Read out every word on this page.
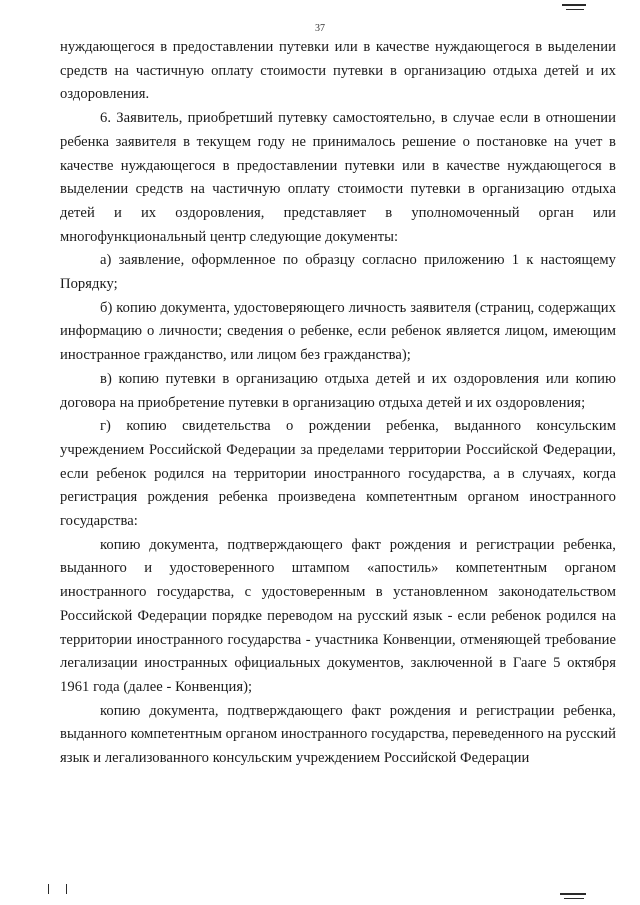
37

нуждающегося в предоставлении путевки или в качестве нуждающегося в выделении средств на частичную оплату стоимости путевки в организацию отдыха детей и их оздоровления.

6. Заявитель, приобретший путевку самостоятельно, в случае если в отношении ребенка заявителя в текущем году не принималось решение о постановке на учет в качестве нуждающегося в предоставлении путевки или в качестве нуждающегося в выделении средств на частичную оплату стоимости путевки в организацию отдыха детей и их оздоровления, представляет в уполномоченный орган или многофункциональный центр следующие документы:

а) заявление, оформленное по образцу согласно приложению 1 к настоящему Порядку;

б) копию документа, удостоверяющего личность заявителя (страниц, содержащих информацию о личности; сведения о ребенке, если ребенок является лицом, имеющим иностранное гражданство, или лицом без гражданства);

в) копию путевки в организацию отдыха детей и их оздоровления или копию договора на приобретение путевки в организацию отдыха детей и их оздоровления;

г) копию свидетельства о рождении ребенка, выданного консульским учреждением Российской Федерации за пределами территории Российской Федерации, если ребенок родился на территории иностранного государства, а в случаях, когда регистрация рождения ребенка произведена компетентным органом иностранного государства:

копию документа, подтверждающего факт рождения и регистрации ребенка, выданного и удостоверенного штампом «апостиль» компетентным органом иностранного государства, с удостоверенным в установленном законодательством Российской Федерации порядке переводом на русский язык - если ребенок родился на территории иностранного государства - участника Конвенции, отменяющей требование легализации иностранных официальных документов, заключенной в Гааге 5 октября 1961 года (далее - Конвенция);

копию документа, подтверждающего факт рождения и регистрации ребенка, выданного компетентным органом иностранного государства, переведенного на русский язык и легализованного консульским учреждением Российской Федерации
